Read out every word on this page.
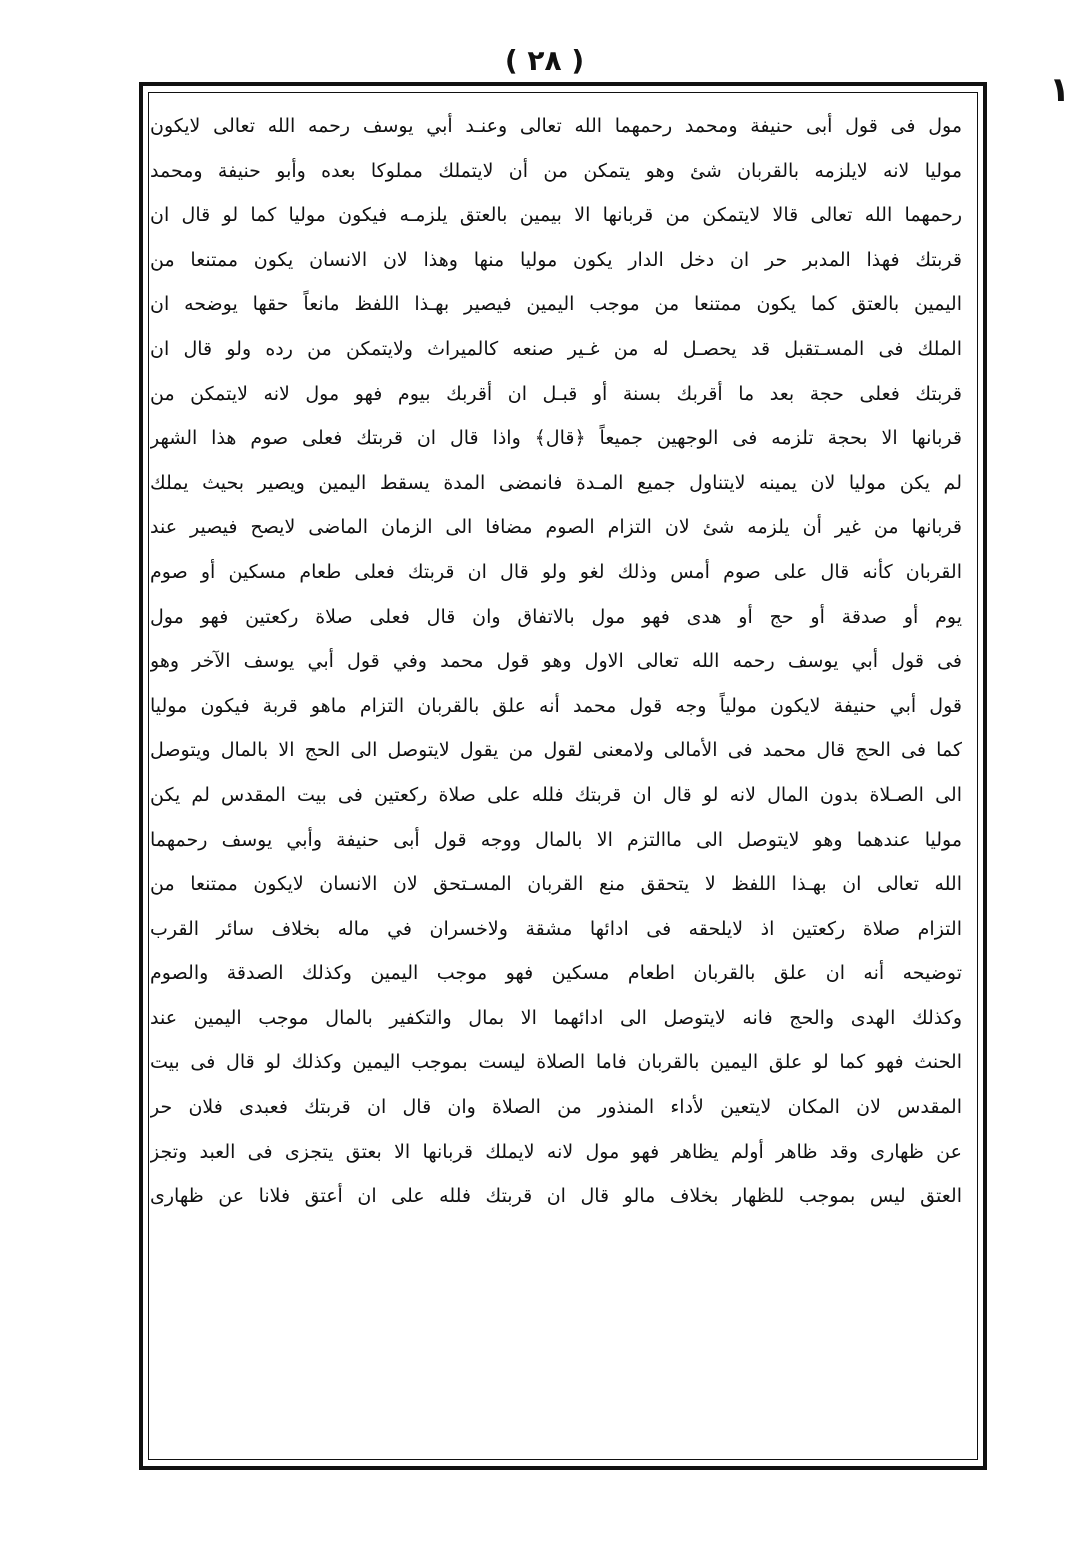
( ٢٨ )
١
مول فى قول أبى حنيفة ومحمد رحمهما الله تعالى وعنـد أبي يوسف رحمه الله تعالى لايكون
موليا لانه لايلزمه بالقربان شئ وهو يتمكن من أن لايتملك مملوكا بعده وأبو حنيفة ومحمد
رحمهما الله تعالى قالا لايتمكن من قربانها الا بيمين بالعتق يلزمـه فيكون موليا كما لو قال ان
قربتك فهذا المدبر حر ان دخل الدار يكون موليا منها وهذا لان الانسان يكون ممتنعا من
اليمين بالعتق كما يكون ممتنعا من موجب اليمين فيصير بهـذا اللفظ مانعاً حقها يوضحه ان
الملك فى المسـتقبل قد يحصـل له من غـير صنعه كالميراث ولايتمكن من رده ولو قال ان
قربتك فعلى حجة بعد ما أقربك بسنة أو قبـل ان أقربك بيوم فهو مول لانه لايتمكن من
قربانها الا بحجة تلزمه فى الوجهين جميعاً ﴿قال﴾ واذا قال ان قربتك فعلى صوم هذا الشهر
لم يكن موليا لان يمينه لايتناول جميع المـدة فانمضى المدة يسقط اليمين ويصير بحيث يملك
قربانها من غير أن يلزمه شئ لان التزام الصوم مضافا الى الزمان الماضى لايصح فيصير عند
القربان كأنه قال على صوم أمس وذلك لغو ولو قال ان قربتك فعلى طعام مسكين أو صوم
يوم أو صدقة أو حج أو هدى فهو مول بالاتفاق وان قال فعلى صلاة ركعتين فهو مول
فى قول أبي يوسف رحمه الله تعالى الاول وهو قول محمد وفي قول أبي يوسف الآخر وهو
قول أبي حنيفة لايكون مولياً وجه قول محمد أنه علق بالقربان التزام ماهو قربة فيكون موليا
كما فى الحج قال محمد فى الأمالى ولامعنى لقول من يقول لايتوصل الى الحج الا بالمال ويتوصل
الى الصـلاة بدون المال لانه لو قال ان قربتك فلله على صلاة ركعتين فى بيت المقدس لم يكن
موليا عندهما وهو لايتوصل الى ماالتزم الا بالمال ووجه قول أبى حنيفة وأبي يوسف رحمهما
الله تعالى ان بهـذا اللفظ لا يتحقق منع القربان المسـتحق لان الانسان لايكون ممتنعا من
التزام صلاة ركعتين اذ لايلحقه فى ادائها مشقة ولاخسران في ماله بخلاف سائر القرب
توضيحه أنه ان علق بالقربان اطعام مسكين فهو موجب اليمين وكذلك الصدقة والصوم
وكذلك الهدى والحج فانه لايتوصل الى ادائهما الا بمال والتكفير بالمال موجب اليمين عند
الحنث فهو كما لو علق اليمين بالقربان فاما الصلاة ليست بموجب اليمين وكذلك لو قال فى بيت
المقدس لان المكان لايتعين لأداء المنذور من الصلاة وان قال ان قربتك فعبدى فلان حر
عن ظهارى وقد ظاهر أولم يظاهر فهو مول لانه لايملك قربانها الا بعتق يتجزى فى العبد وتجز
العتق ليس بموجب للظهار بخلاف مالو قال ان قربتك فلله على ان أعتق فلانا عن ظهارى
